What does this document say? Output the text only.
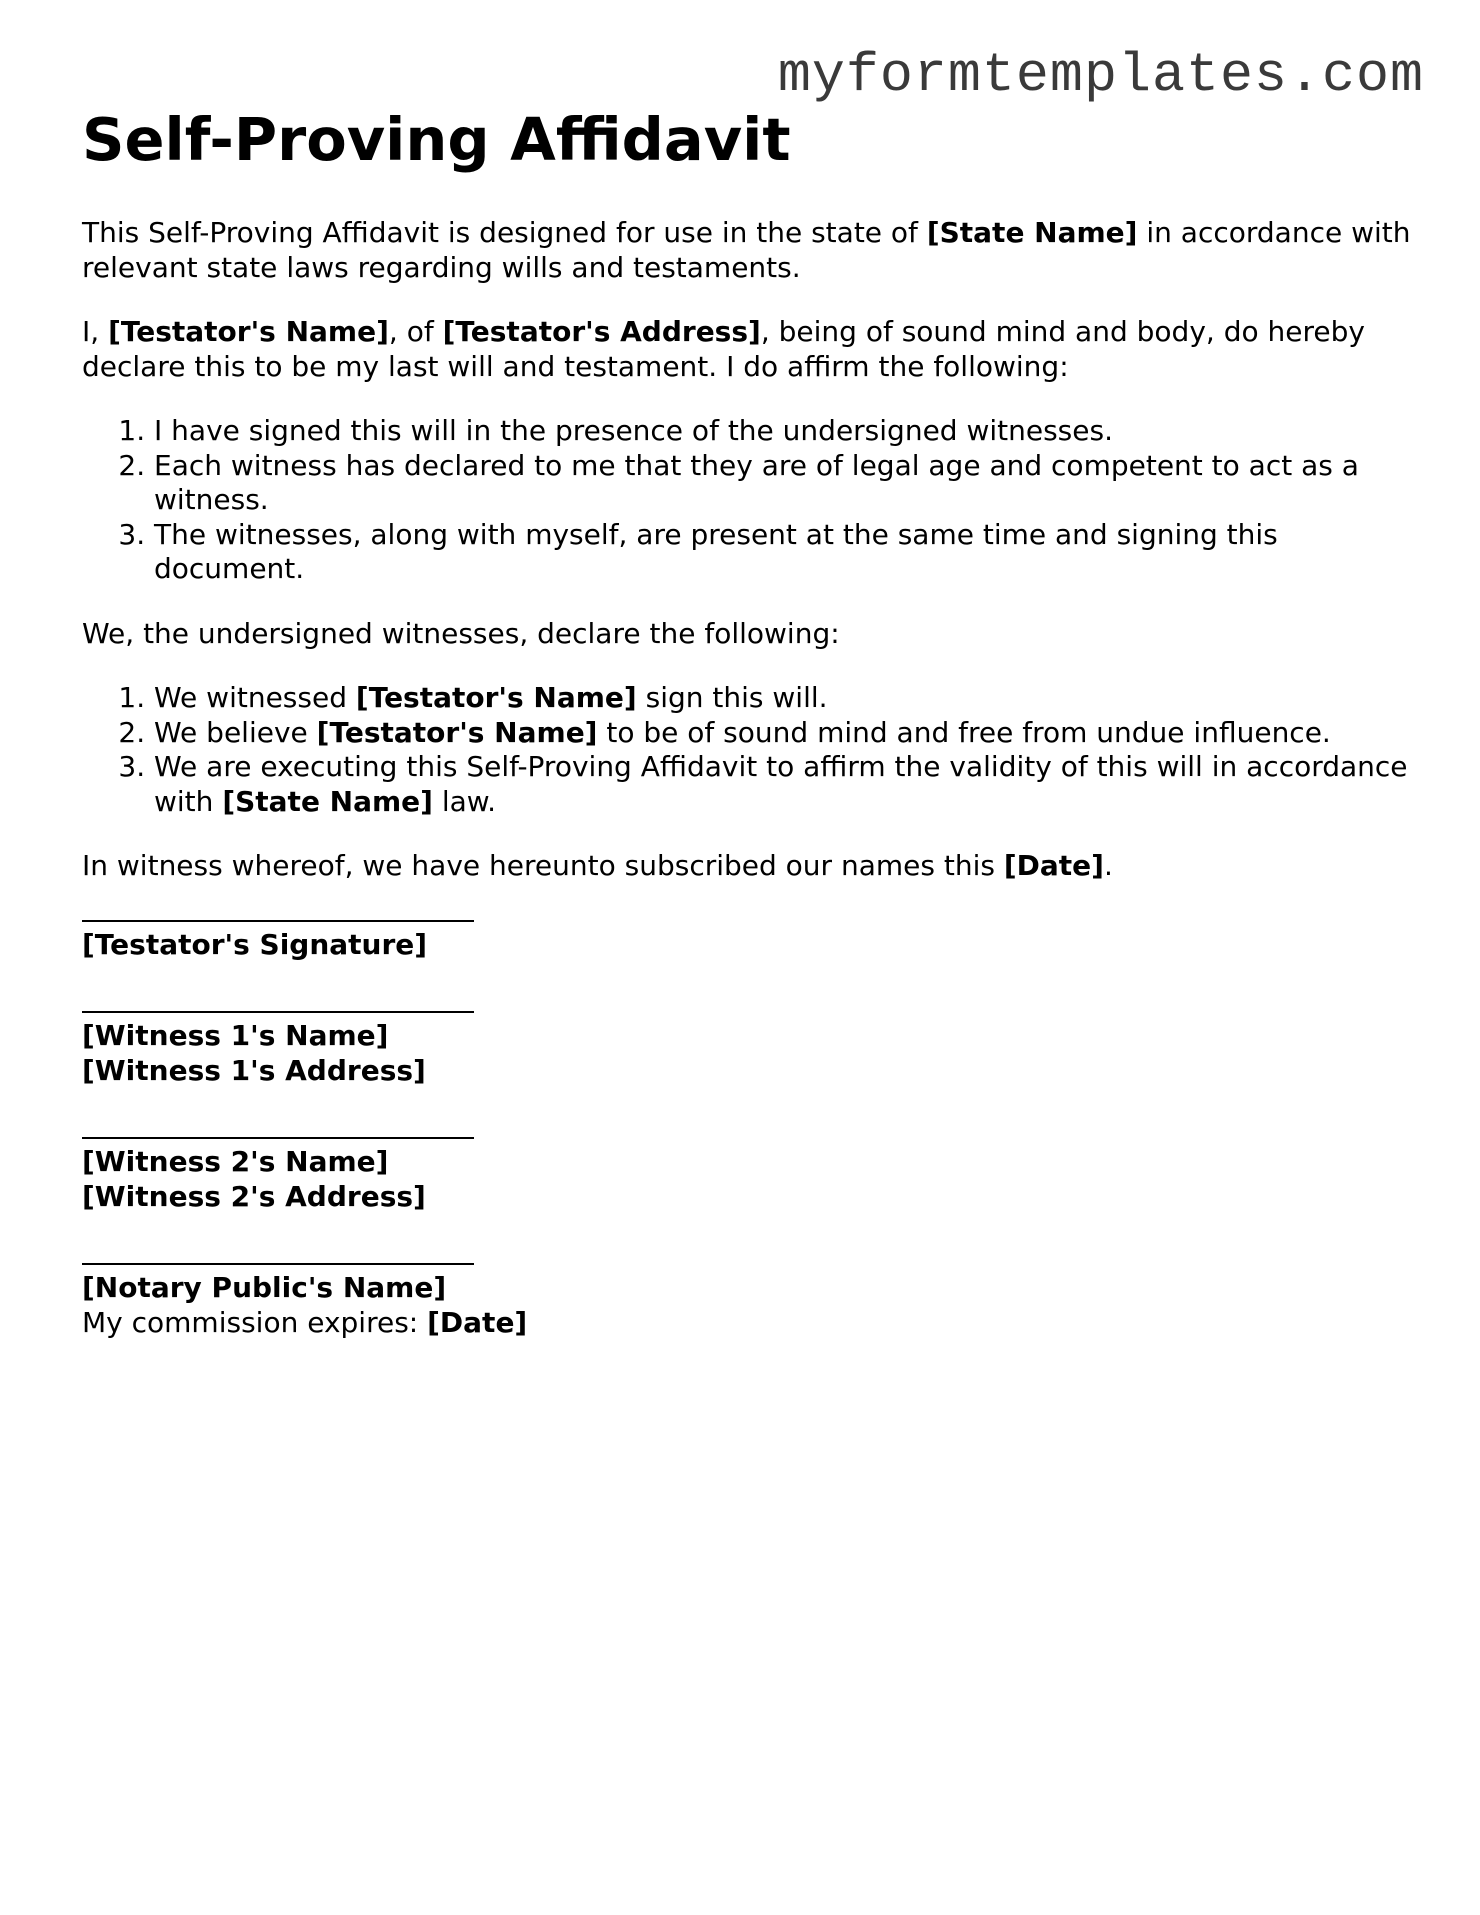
myformtemplates.com
Self-Proving Affidavit

This Self-Proving Affidavit is designed for use in the state of [State Name] in accordance with relevant state laws regarding wills and testaments.

I, [Testator's Name], of [Testator's Address], being of sound mind and body, do hereby declare this to be my last will and testament. I do affirm the following:

1. I have signed this will in the presence of the undersigned witnesses.
2. Each witness has declared to me that they are of legal age and competent to act as a witness.
3. The witnesses, along with myself, are present at the same time and signing this document.

We, the undersigned witnesses, declare the following:

1. We witnessed [Testator's Name] sign this will.
2. We believe [Testator's Name] to be of sound mind and free from undue influence.
3. We are executing this Self-Proving Affidavit to affirm the validity of this will in accordance with [State Name] law.

In witness whereof, we have hereunto subscribed our names this [Date].

[Testator's Signature]
[Witness 1's Name]
[Witness 1's Address]
[Witness 2's Name]
[Witness 2's Address]
[Notary Public's Name]
My commission expires: [Date]
